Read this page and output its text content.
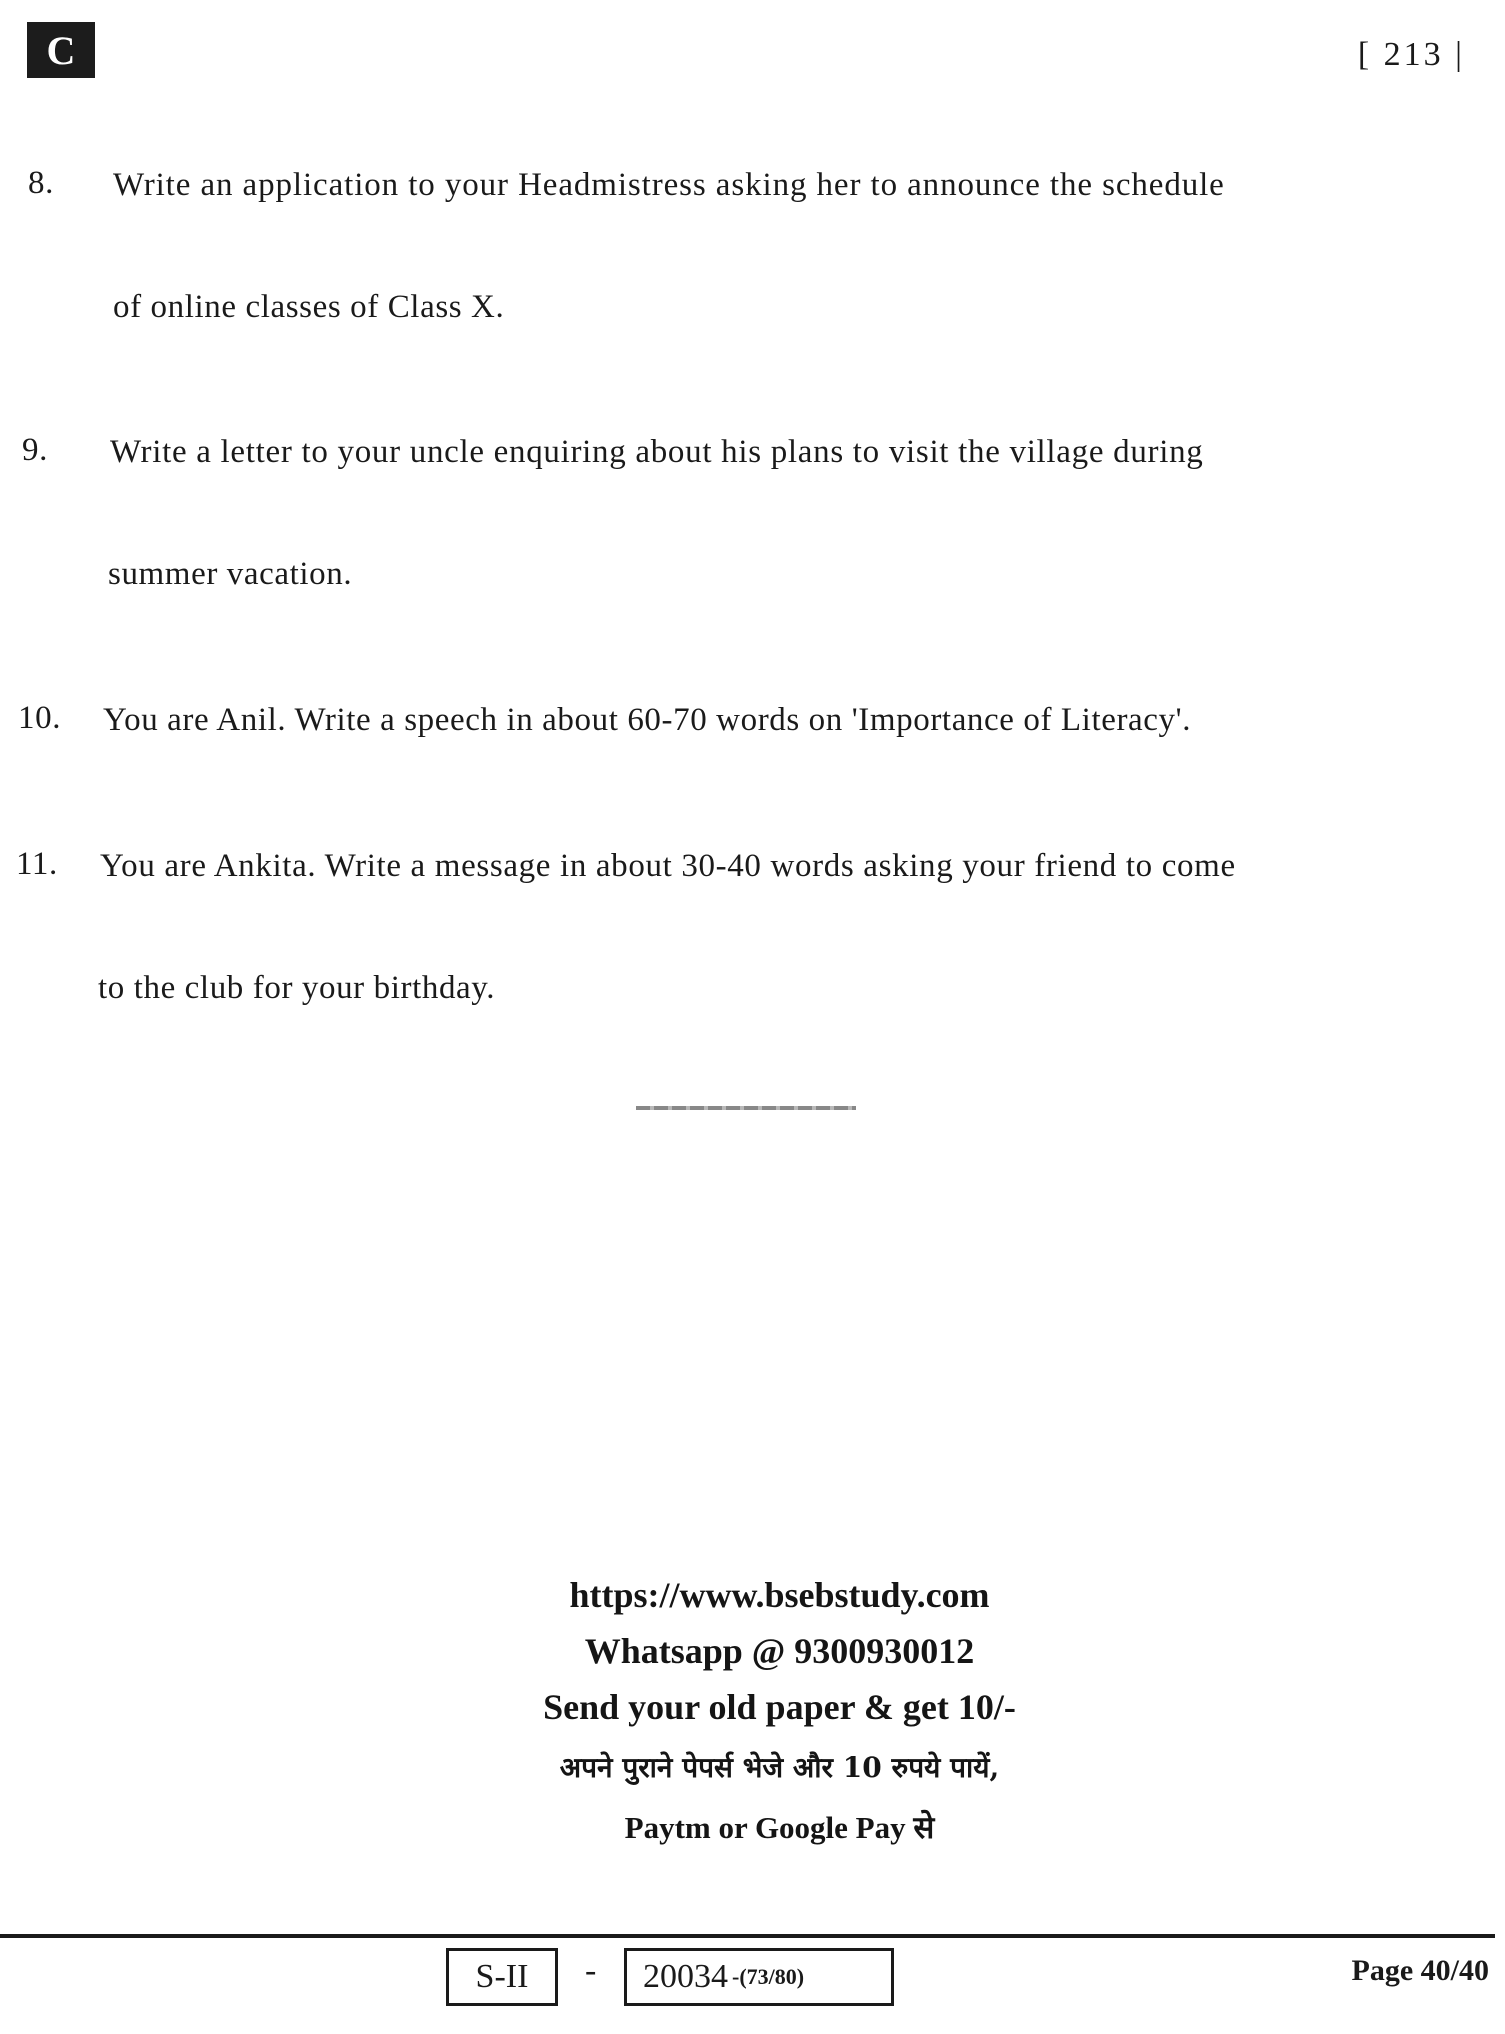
C	[ 213 |
8. Write an application to your Headmistress asking her to announce the schedule
of online classes of Class X.
9. Write a letter to your uncle enquiring about his plans to visit the village during
summer vacation.
10. You are Anil. Write a speech in about 60-70 words on 'Importance of Literacy'.
11. You are Ankita. Write a message in about 30-40 words asking your friend to come
to the club for your birthday.
https://www.bsebstudy.com
Whatsapp @ 9300930012
Send your old paper & get 10/-
अपने पुराने पेपर्स भेजे और 10 रुपये पायें,
Paytm or Google Pay से
S-II - 20034 -(73/80)	Page 40/40
